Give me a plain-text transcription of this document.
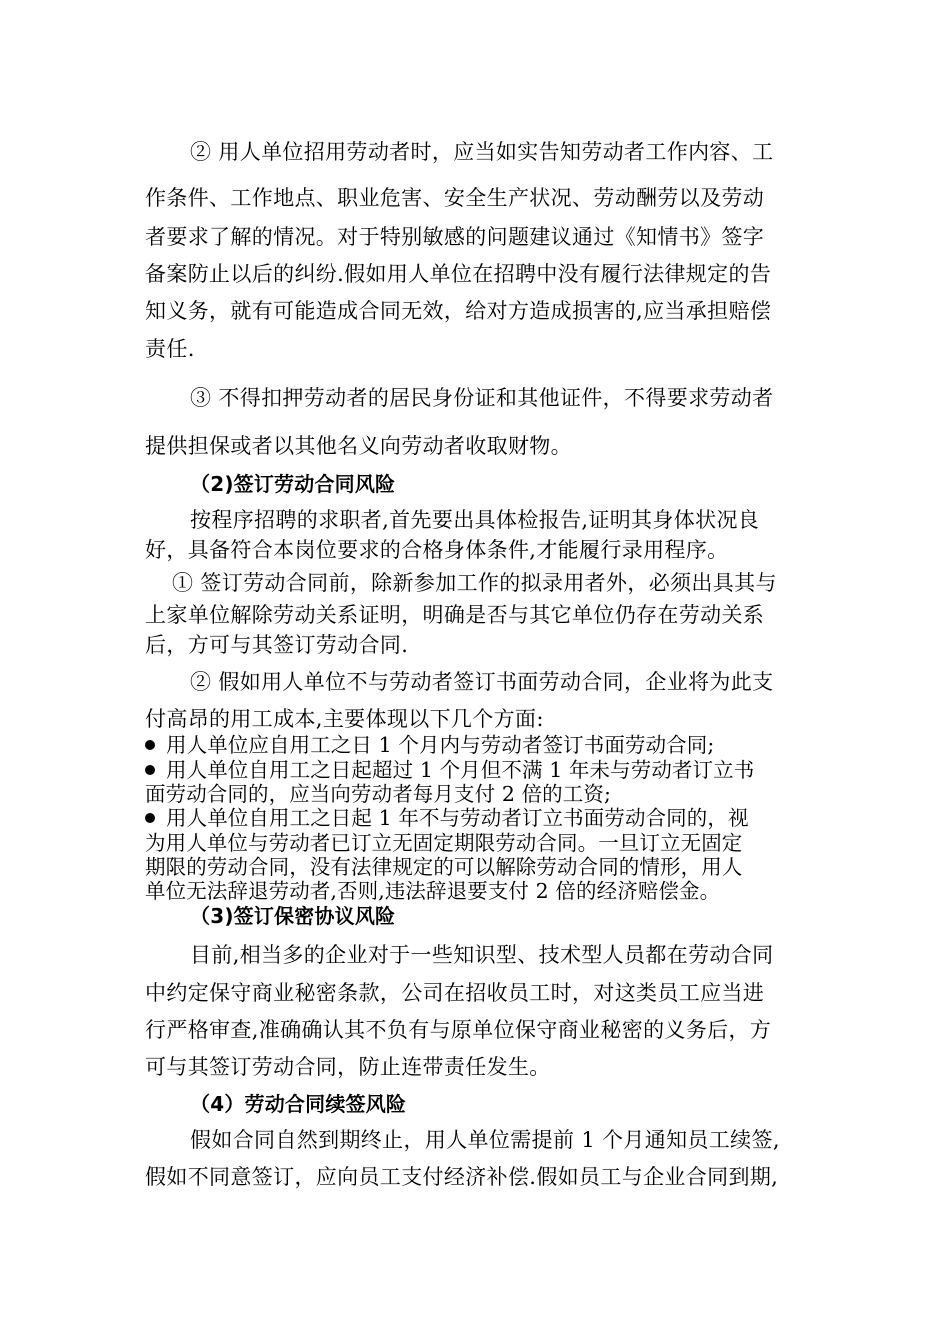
② 用人单位招用劳动者时，应当如实告知劳动者工作内容、工
作条件、工作地点、职业危害、安全生产状况、劳动酬劳以及劳动
者要求了解的情况。对于特别敏感的问题建议通过《知情书》签字
备案防止以后的纠纷.假如用人单位在招聘中没有履行法律规定的告
知义务，就有可能造成合同无效，给对方造成损害的,应当承担赔偿
责任.
③ 不得扣押劳动者的居民身份证和其他证件，不得要求劳动者
提供担保或者以其他名义向劳动者收取财物。
（2)签订劳动合同风险
按程序招聘的求职者,首先要出具体检报告,证明其身体状况良
好，具备符合本岗位要求的合格身体条件,才能履行录用程序。
① 签订劳动合同前，除新参加工作的拟录用者外，必须出具其与
上家单位解除劳动关系证明，明确是否与其它单位仍存在劳动关系
后，方可与其签订劳动合同.
② 假如用人单位不与劳动者签订书面劳动合同，企业将为此支
付高昂的用工成本,主要体现以下几个方面:
用人单位应自用工之日 1 个月内与劳动者签订书面劳动合同;
用人单位自用工之日起超过 1 个月但不满 1 年未与劳动者订立书
面劳动合同的，应当向劳动者每月支付 2 倍的工资;
用人单位自用工之日起 1 年不与劳动者订立书面劳动合同的，视
为用人单位与劳动者已订立无固定期限劳动合同。一旦订立无固定
期限的劳动合同，没有法律规定的可以解除劳动合同的情形，用人
单位无法辞退劳动者,否则,违法辞退要支付 2 倍的经济赔偿金。
（3)签订保密协议风险
目前,相当多的企业对于一些知识型、技术型人员都在劳动合同
中约定保守商业秘密条款，公司在招收员工时，对这类员工应当进
行严格审查,准确确认其不负有与原单位保守商业秘密的义务后，方
可与其签订劳动合同，防止连带责任发生。
（4）劳动合同续签风险
假如合同自然到期终止，用人单位需提前 1 个月通知员工续签,
假如不同意签订，应向员工支付经济补偿.假如员工与企业合同到期,
